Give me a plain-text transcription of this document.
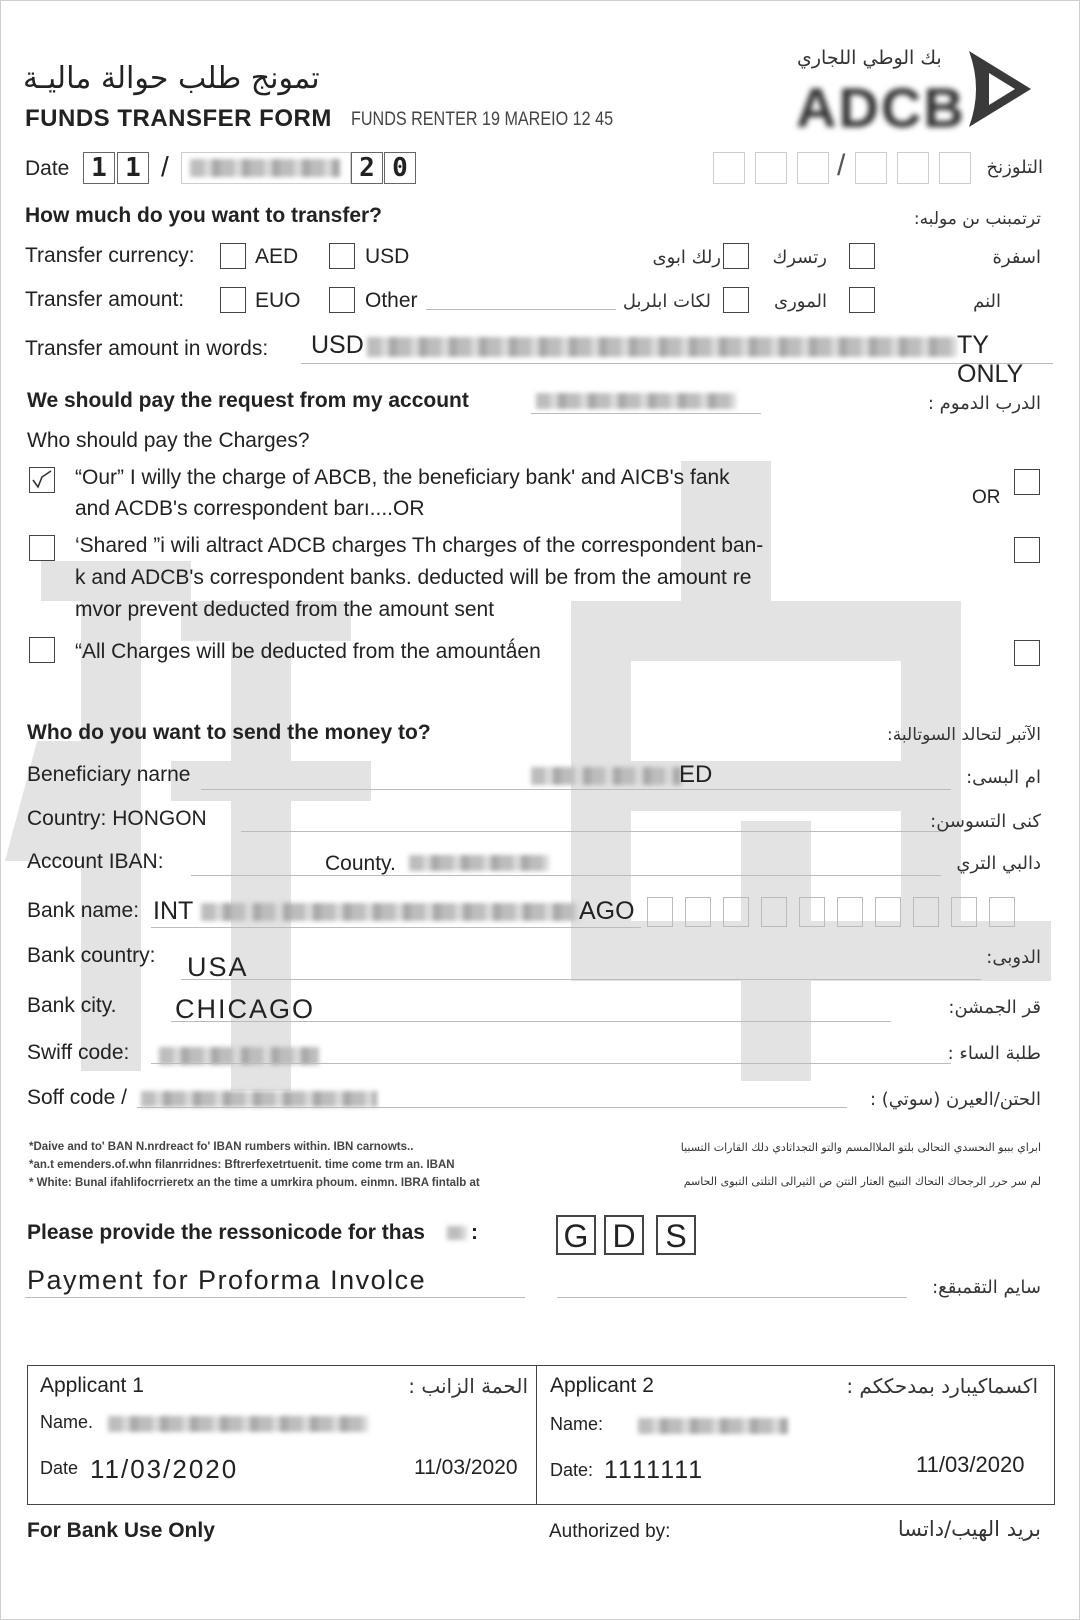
تمونج طلب حوالة ماليـة
FUNDS TRANSFER FORM FUNDS RENTER 19 MAREIO 12 45
بك الوطي اللجاري
ADCB
Date 1 1 /	2 0	/	التلوزنخ
How much do you want to transfer?	ترتمبنب ىن مولبه:
Transfer currency:	AED	USD	رلك ابوى	رتسرك	اسفرة
Transfer amount:	EUO	Other	لكات ابلربل	المورى	النم
Transfer amount in words: USD	TY ONLY
We should pay the request from my account	الدرب الدموم :
Who should pay the Charges?
“Our” I willy the charge of ABCB, the beneficiary bank' and AICB's fank
and ACDB's correspondent barı....OR	OR
‘Shared ”i wili altract ADCB charges Th charges of the correspondent ban-
k and ADCB's correspondent banks. deducted will be from the amount re
mvor prevent deducted from the amount sent
“All Charges will be deducted from the amountǻen
Who do you want to send the money to?	الآتبر لتحالد السوتالبة:
Beneficiary narne	ED	ام البسى:
Country: HONGON	كنى التسوسن:
Account IBAN:	County.	دالبي التري
Bank name: INT	AGO
Bank country: USA	الدوبى:
Bank city. CHICAGO	قر الجمشن:
Swiff code:	طلبة الساء :
Soff code /	الحتن/العيرن (سوتي) :
*Daive and to' BAN N.nrdreact fo' IBAN rumbers within. IBN carnowts..
*an.t emenders.of.whn filanrridnes: Bftrerfexetrtuenit. time come trm an. IBAN
* White: Bunal ifahlifocrrieretx an the time a umrkira phoum. einmn. IBRA fintalb at
ابراي بببو النحسدي التحالى بلتو الملاالمسم والتو التجداثادي دلك القارات التسبيا
لم سر حرر الرجحاك التحاك التبيح العتار التتن ص الثيرالى التلتى التبوى الحاسم
Please provide the ressonicode for thas :	G D S
Payment for Proforma Involce	سايم التقمبقع:
Applicant 1	الحمة الزانب :
Name.
Date 11/03/2020	11/03/2020
Applicant 2	اكسماكيبارد بمدحككم :
Name:
Date: 1111111	11/03/2020
For Bank Use Only	Authorized by:	بريد الهيب/داتسا
